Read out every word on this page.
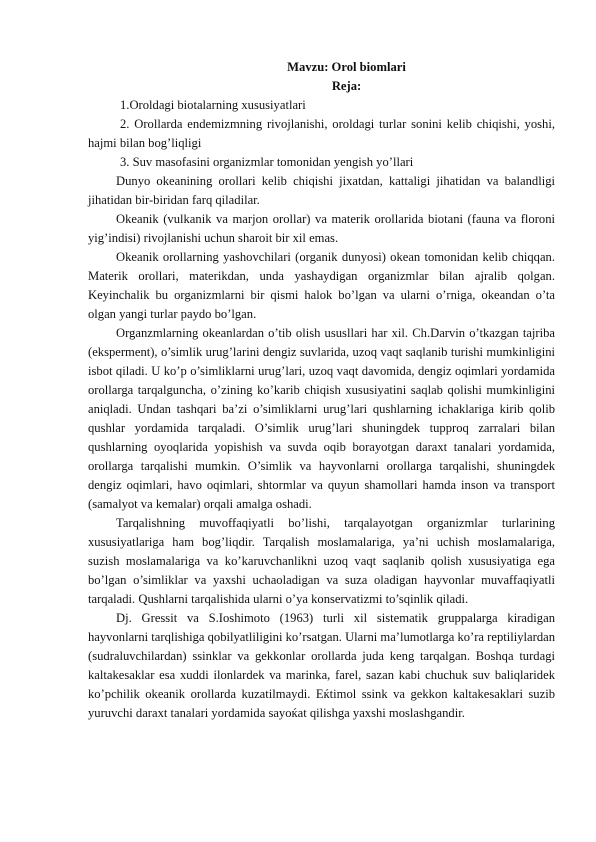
Mavzu: Orol biomlari

Reja:

1.Oroldagi biotalarning xususiyatlari

2. Orollarda endemizmning rivojlanishi, oroldagi turlar sonini kelib chiqishi, yoshi, hajmi bilan bog’liqligi

3. Suv masofasini organizmlar tomonidan yengish yo’llari

Dunyo okeanining orollari kelib chiqishi jixatdan, kattaligi jihatidan va balandligi jihatidan bir-biridan farq qiladilar.

Okeanik (vulkanik va marjon orollar) va materik orollarida biotani (fauna va floroni yig’indisi) rivojlanishi uchun sharoit bir xil emas.

Okeanik orollarning yashovchilari (organik dunyosi) okean tomonidan kelib chiqqan. Materik orollari, materikdan, unda yashaydigan organizmlar bilan ajralib qolgan. Keyinchalik bu organizmlarni bir qismi halok bo’lgan va ularni o’rniga, okeandan o’ta olgan yangi turlar paydo bo’lgan.

Organzmlarning okeanlardan o’tib olish ususllari har xil. Ch.Darvin o’tkazgan tajriba (eksperment), o’simlik urug’larini dengiz suvlarida, uzoq vaqt saqlanib turishi mumkinligini isbot qiladi. U ko’p o’simliklarni urug’lari, uzoq vaqt davomida, dengiz oqimlari yordamida orollarga tarqalguncha, o’zining ko’karib chiqish xususiyatini saqlab qolishi mumkinligini aniqladi. Undan tashqari ba’zi o’simliklarni urug’lari qushlarning ichaklariga kirib qolib qushlar yordamida tarqaladi. O’simlik urug’lari shuningdek tupproq zarralari bilan qushlarning oyoqlarida yopishish va suvda oqib borayotgan daraxt tanalari yordamida, orollarga tarqalishi mumkin. O’simlik va hayvonlarni orollarga tarqalishi, shuningdek dengiz oqimlari, havo oqimlari, shtormlar va quyun shamollari hamda inson va transport (samalyot va kemalar) orqali amalga oshadi.

Tarqalishning muvoffaqiyatli bo’lishi, tarqalayotgan organizmlar turlarining xususiyatlariga ham bog’liqdir. Tarqalish moslamalariga, ya’ni uchish moslamalariga, suzish moslamalariga va ko’karuvchanlikni uzoq vaqt saqlanib qolish xususiyatiga ega bo’lgan o’simliklar va yaxshi uchaoladigan va suza oladigan hayvonlar muvaffaqiyatli tarqaladi. Qushlarni tarqalishida ularni o’ya konservatizmi to’sqinlik qiladi.

Dj. Gressit va S.Ioshimoto (1963) turli xil sistematik gruppalarga kiradigan hayvonlarni tarqlishiga qobilyatliligini ko’rsatgan. Ularni ma’lumotlarga ko’ra reptiliylardan (sudraluvchilardan) ssinklar va gekkonlar orollarda juda keng tarqalgan. Boshqa turdagi kaltakesaklar esa xuddi ilonlardek va marinka, farel, sazan kabi chuchuk suv baliqlaridek ko’pchilik okeanik orollarda kuzatilmaydi. Eќtimol ssink va gekkon kaltakesaklari suzib yuruvchi daraxt tanalari yordamida sayoќat qilishga yaxshi moslashgandir.
